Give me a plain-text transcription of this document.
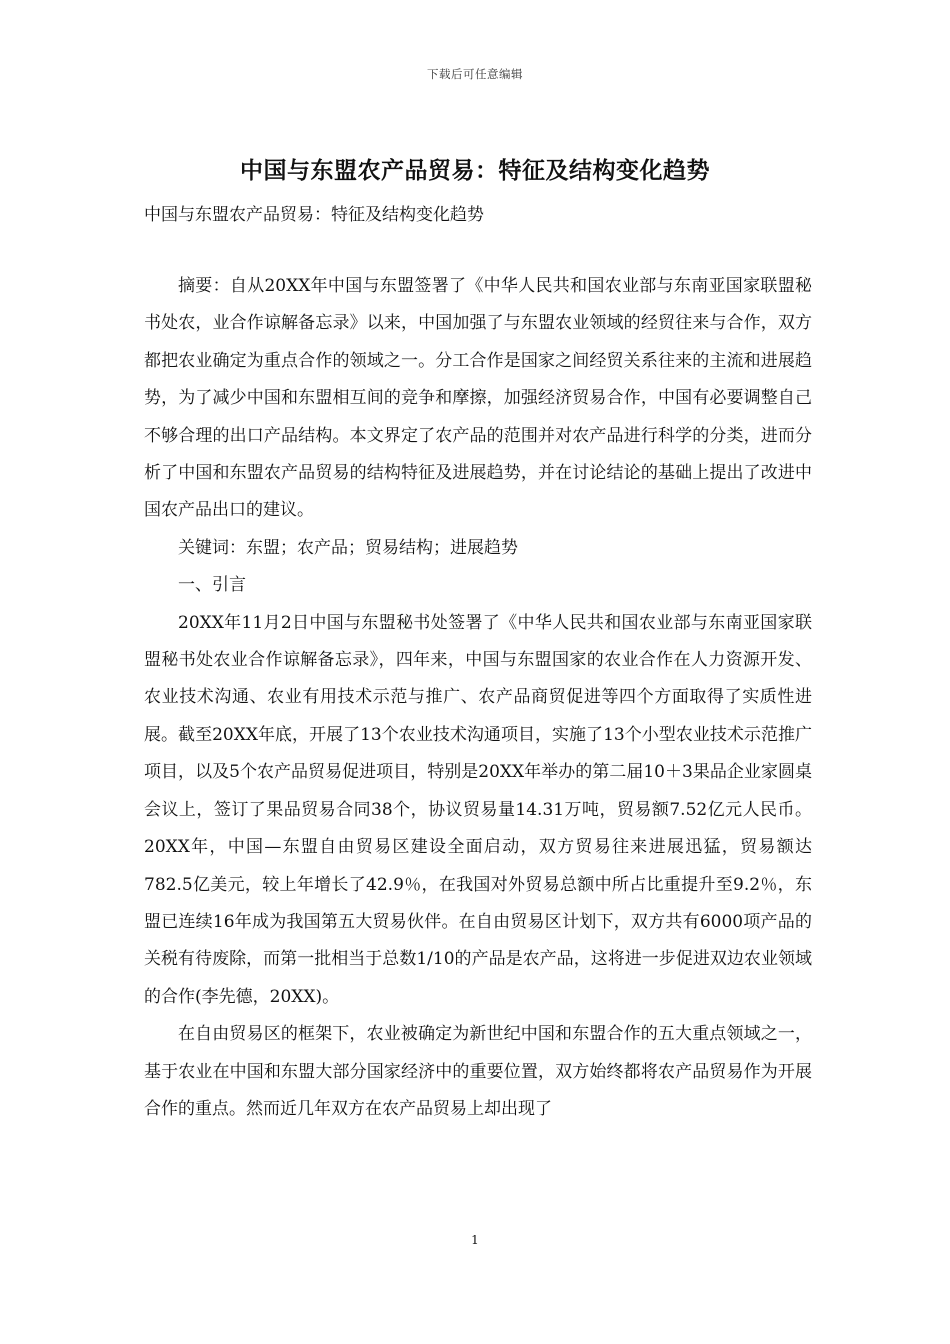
下载后可任意编辑
中国与东盟农产品贸易：特征及结构变化趋势
中国与东盟农产品贸易：特征及结构变化趋势

摘要：自从20XX年中国与东盟签署了《中华人民共和国农业部与东南亚国家联盟秘书处农，业合作谅解备忘录》以来，中国加强了与东盟农业领域的经贸往来与合作，双方都把农业确定为重点合作的领域之一。分工合作是国家之间经贸关系往来的主流和进展趋势，为了减少中国和东盟相互间的竞争和摩擦，加强经济贸易合作，中国有必要调整自己不够合理的出口产品结构。本文界定了农产品的范围并对农产品进行科学的分类，进而分析了中国和东盟农产品贸易的结构特征及进展趋势，并在讨论结论的基础上提出了改进中国农产品出口的建议。

关键词：东盟；农产品；贸易结构；进展趋势

一、引言

20XX年11月2日中国与东盟秘书处签署了《中华人民共和国农业部与东南亚国家联盟秘书处农业合作谅解备忘录》，四年来，中国与东盟国家的农业合作在人力资源开发、农业技术沟通、农业有用技术示范与推广、农产品商贸促进等四个方面取得了实质性进展。截至20XX年底，开展了13个农业技术沟通项目，实施了13个小型农业技术示范推广项目，以及5个农产品贸易促进项目，特别是20XX年举办的第二届10＋3果品企业家圆桌会议上，签订了果品贸易合同38个，协议贸易量14.31万吨，贸易额7.52亿元人民币。20XX年，中国—东盟自由贸易区建设全面启动，双方贸易往来进展迅猛，贸易额达782.5亿美元，较上年增长了42.9％，在我国对外贸易总额中所占比重提升至9.2％，东盟已连续16年成为我国第五大贸易伙伴。在自由贸易区计划下，双方共有6000项产品的关税有待废除，而第一批相当于总数1/10的产品是农产品，这将进一步促进双边农业领域的合作(李先德，20XX)。

在自由贸易区的框架下，农业被确定为新世纪中国和东盟合作的五大重点领域之一，基于农业在中国和东盟大部分国家经济中的重要位置，双方始终都将农产品贸易作为开展合作的重点。然而近几年双方在农产品贸易上却出现了

1
